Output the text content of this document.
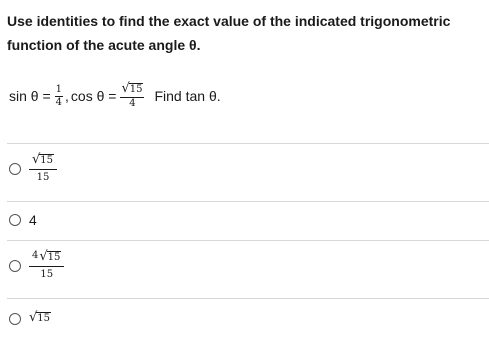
Use identities to find the exact value of the indicated trigonometric

function of the acute angle θ.

$\sin \theta = \frac{1}{4}$ , $\cos \theta = \frac{√ 15}{4}$ Find tan θ.
$\frac{√ 15}{15}$
4
$\frac{4 √ 15}{15}$
√ 15
